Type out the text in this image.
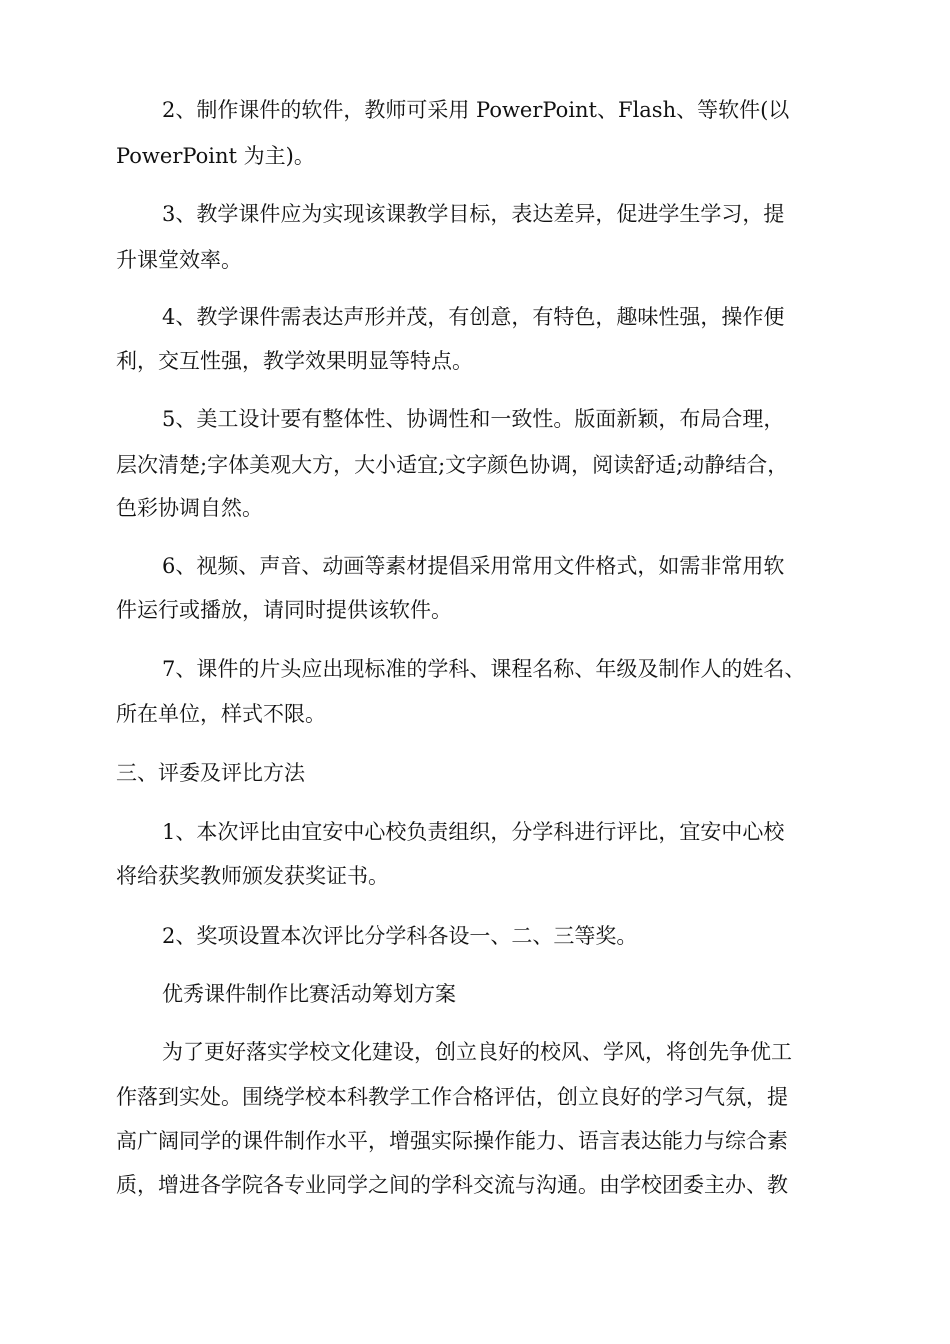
2、制作课件的软件，教师可采用 PowerPoint、Flash、等软件(以
PowerPoint 为主)。
3、教学课件应为实现该课教学目标，表达差异，促进学生学习，提
升课堂效率。
4、教学课件需表达声形并茂，有创意，有特色，趣味性强，操作便
利，交互性强，教学效果明显等特点。
5、美工设计要有整体性、协调性和一致性。版面新颖，布局合理，
层次清楚;字体美观大方，大小适宜;文字颜色协调，阅读舒适;动静结合，
色彩协调自然。
6、视频、声音、动画等素材提倡采用常用文件格式，如需非常用软
件运行或播放，请同时提供该软件。
7、课件的片头应出现标准的学科、课程名称、年级及制作人的姓名、
所在单位，样式不限。
三、评委及评比方法
1、本次评比由宜安中心校负责组织，分学科进行评比，宜安中心校
将给获奖教师颁发获奖证书。
2、奖项设置本次评比分学科各设一、二、三等奖。
优秀课件制作比赛活动筹划方案
为了更好落实学校文化建设，创立良好的校风、学风，将创先争优工
作落到实处。围绕学校本科教学工作合格评估，创立良好的学习气氛，提
高广阔同学的课件制作水平，增强实际操作能力、语言表达能力与综合素
质，增进各学院各专业同学之间的学科交流与沟通。由学校团委主办、教
